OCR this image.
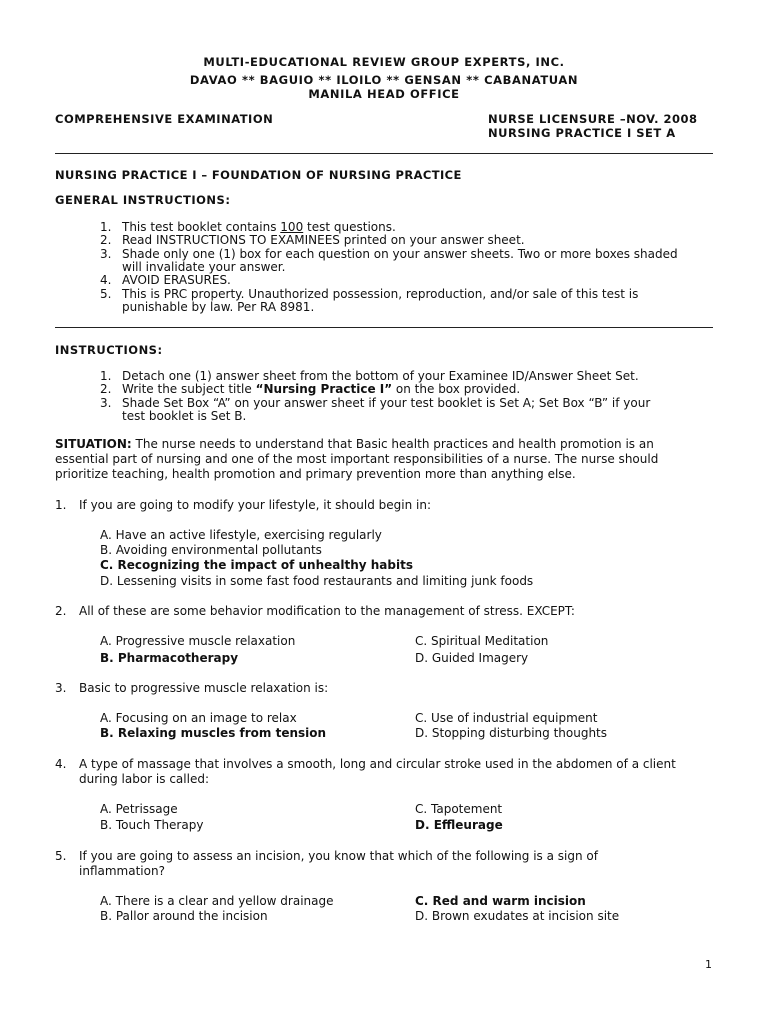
MULTI-EDUCATIONAL REVIEW GROUP EXPERTS, INC.
DAVAO ** BAGUIO ** ILOILO ** GENSAN ** CABANATUAN
MANILA HEAD OFFICE
COMPREHENSIVE EXAMINATION	NURSE LICENSURE –NOV. 2008
NURSING PRACTICE I SET A
NURSING PRACTICE I – FOUNDATION OF NURSING PRACTICE
GENERAL INSTRUCTIONS:
1. This test booklet contains 100 test questions.
2. Read INSTRUCTIONS TO EXAMINEES printed on your answer sheet.
3. Shade only one (1) box for each question on your answer sheets. Two or more boxes shaded
will invalidate your answer.
4. AVOID ERASURES.
5. This is PRC property. Unauthorized possession, reproduction, and/or sale of this test is
punishable by law. Per RA 8981.
INSTRUCTIONS:
1. Detach one (1) answer sheet from the bottom of your Examinee ID/Answer Sheet Set.
2. Write the subject title “Nursing Practice I” on the box provided.
3. Shade Set Box “A” on your answer sheet if your test booklet is Set A; Set Box “B” if your
test booklet is Set B.
SITUATION: The nurse needs to understand that Basic health practices and health promotion is an
essential part of nursing and one of the most important responsibilities of a nurse. The nurse should
prioritize teaching, health promotion and primary prevention more than anything else.
1.	If you are going to modify your lifestyle, it should begin in:
A. Have an active lifestyle, exercising regularly
B. Avoiding environmental pollutants
C. Recognizing the impact of unhealthy habits
D. Lessening visits in some fast food restaurants and limiting junk foods
2.	All of these are some behavior modification to the management of stress. EXCEPT:
A. Progressive muscle relaxation
B. Pharmacotherapy
C. Spiritual Meditation
D. Guided Imagery
3.	Basic to progressive muscle relaxation is:
A. Focusing on an image to relax
B. Relaxing muscles from tension
C. Use of industrial equipment
D. Stopping disturbing thoughts
4.	A type of massage that involves a smooth, long and circular stroke used in the abdomen of a client
during labor is called:
A. Petrissage
B. Touch Therapy
C. Tapotement
D. Effleurage
5.	If you are going to assess an incision, you know that which of the following is a sign of
inflammation?
A. There is a clear and yellow drainage
B. Pallor around the incision
C. Red and warm incision
D. Brown exudates at incision site
1
